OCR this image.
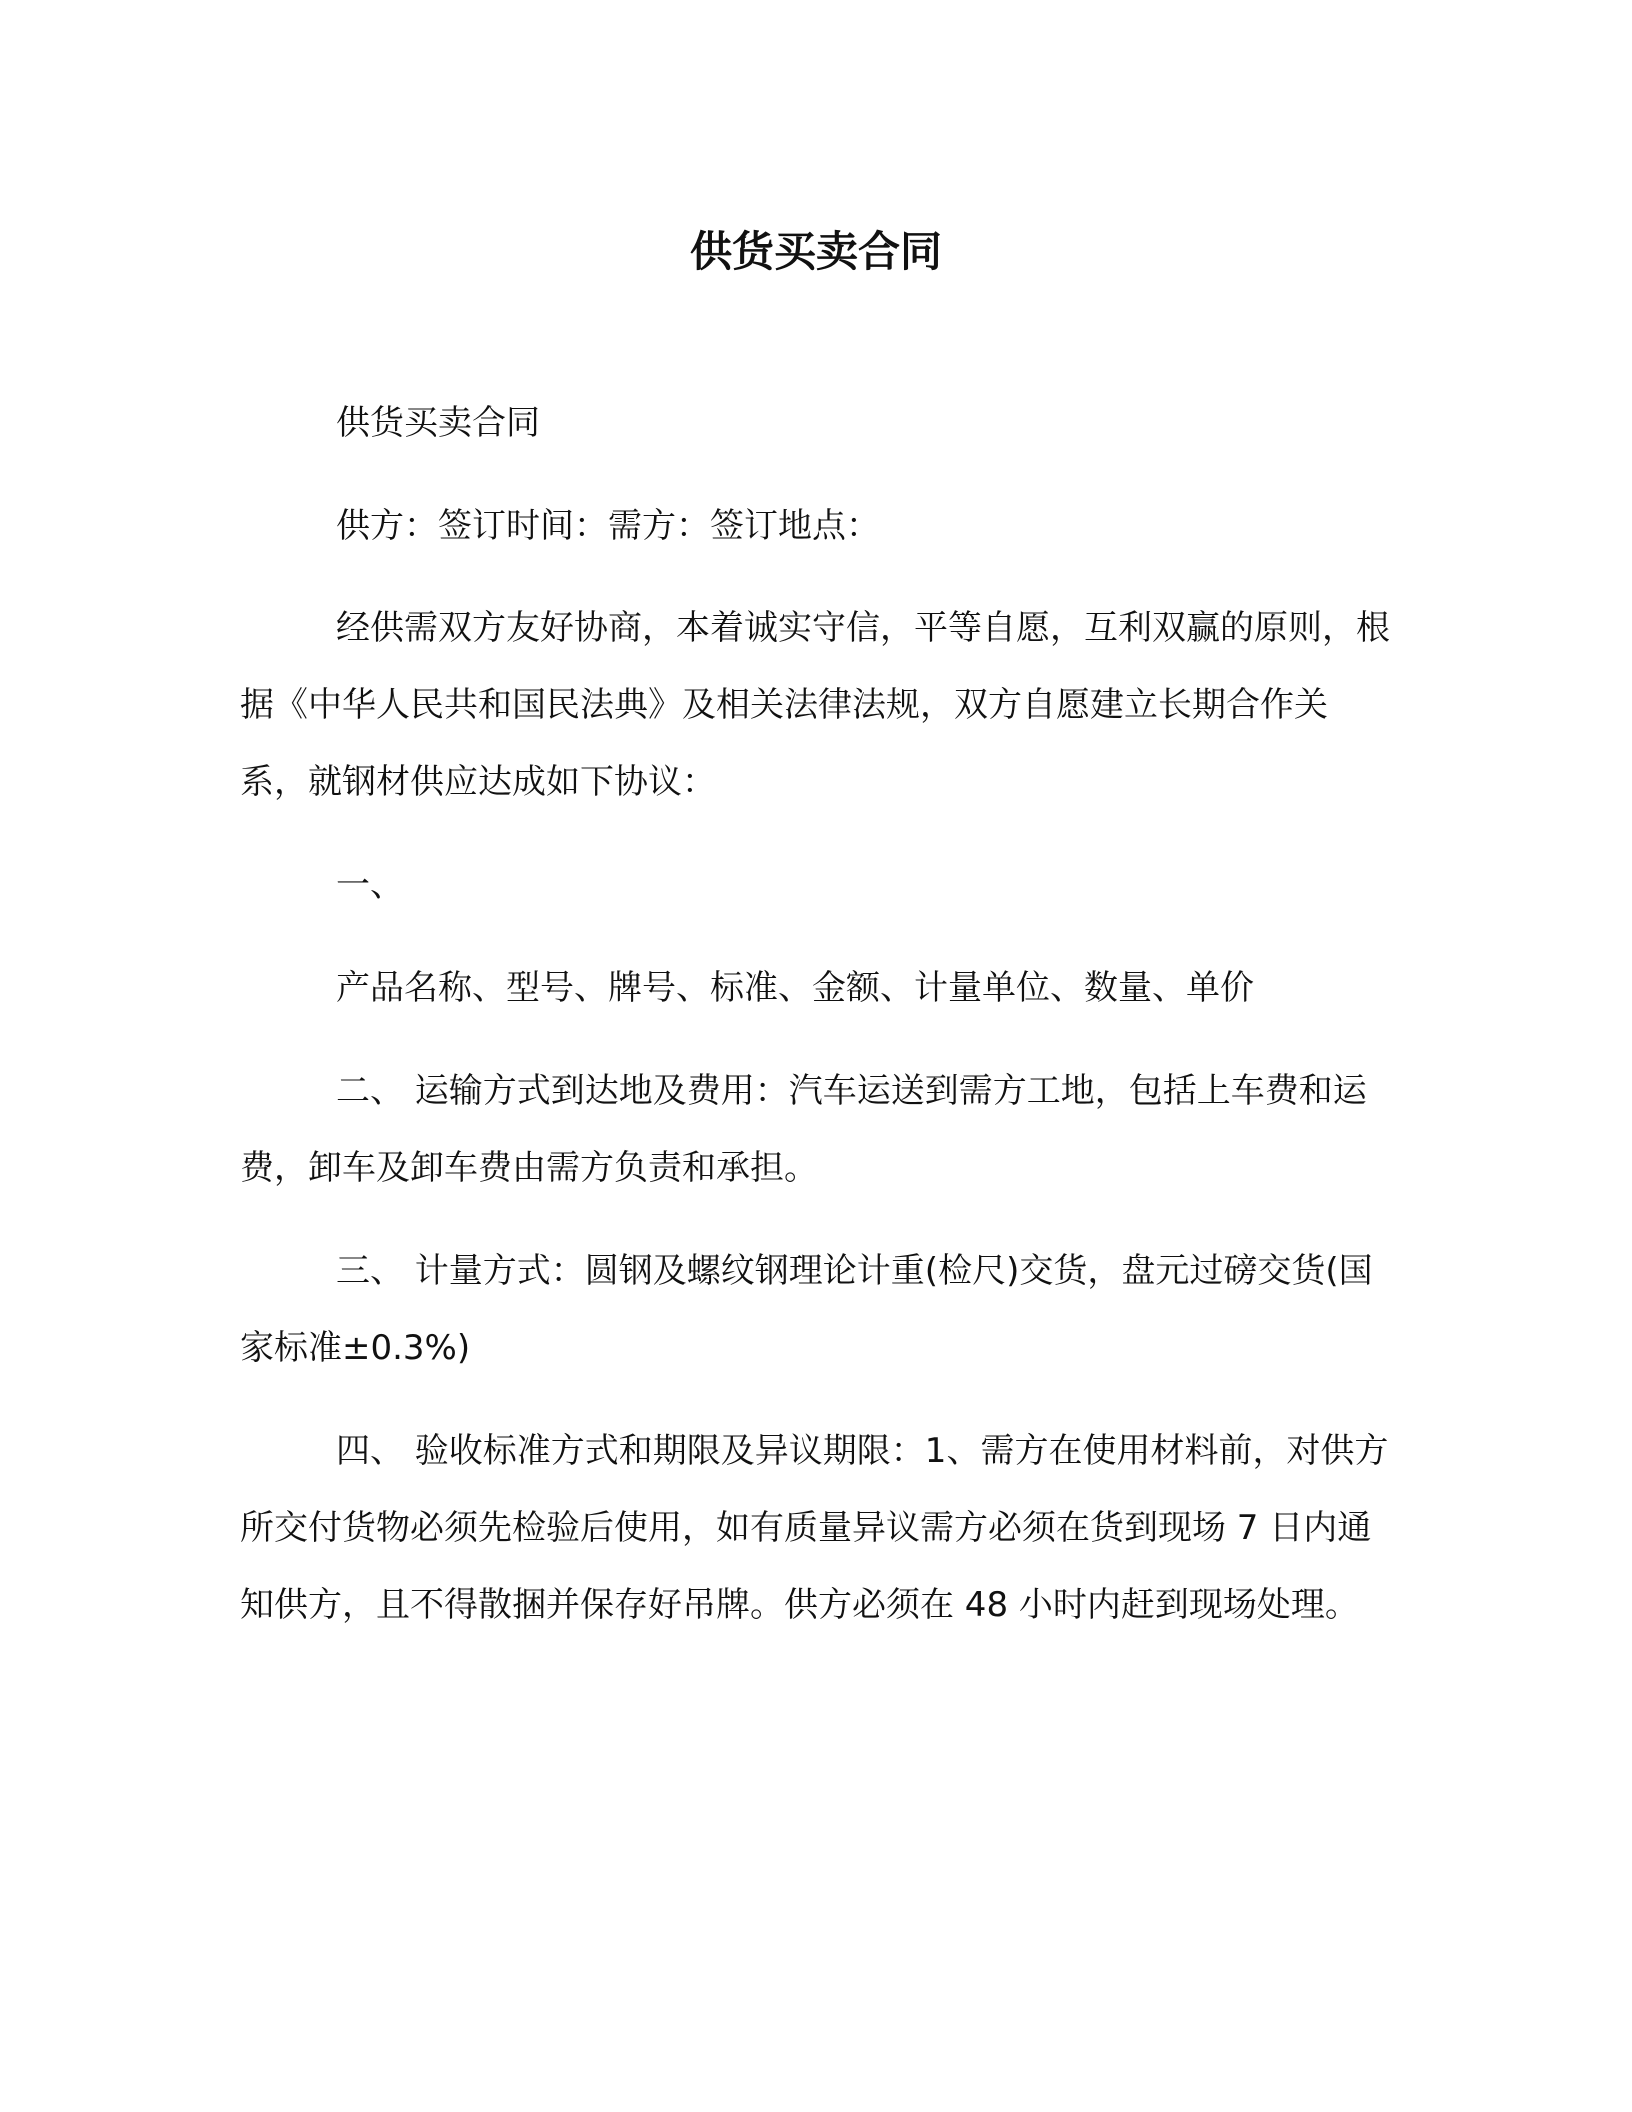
供货买卖合同

供货买卖合同

供方：签订时间：需方：签订地点：

经供需双方友好协商，本着诚实守信，平等自愿，互利双赢的原则，根据《中华人民共和国民法典》及相关法律法规，双方自愿建立长期合作关系，就钢材供应达成如下协议：

一、

产品名称、型号、牌号、标准、金额、计量单位、数量、单价

二、 运输方式到达地及费用：汽车运送到需方工地，包括上车费和运费，卸车及卸车费由需方负责和承担。

三、 计量方式：圆钢及螺纹钢理论计重(检尺)交货，盘元过磅交货(国家标准±0.3%)

四、 验收标准方式和期限及异议期限：1、需方在使用材料前，对供方所交付货物必须先检验后使用，如有质量异议需方必须在货到现场 7 日内通知供方，且不得散捆并保存好吊牌。供方必须在 48 小时内赶到现场处理。
